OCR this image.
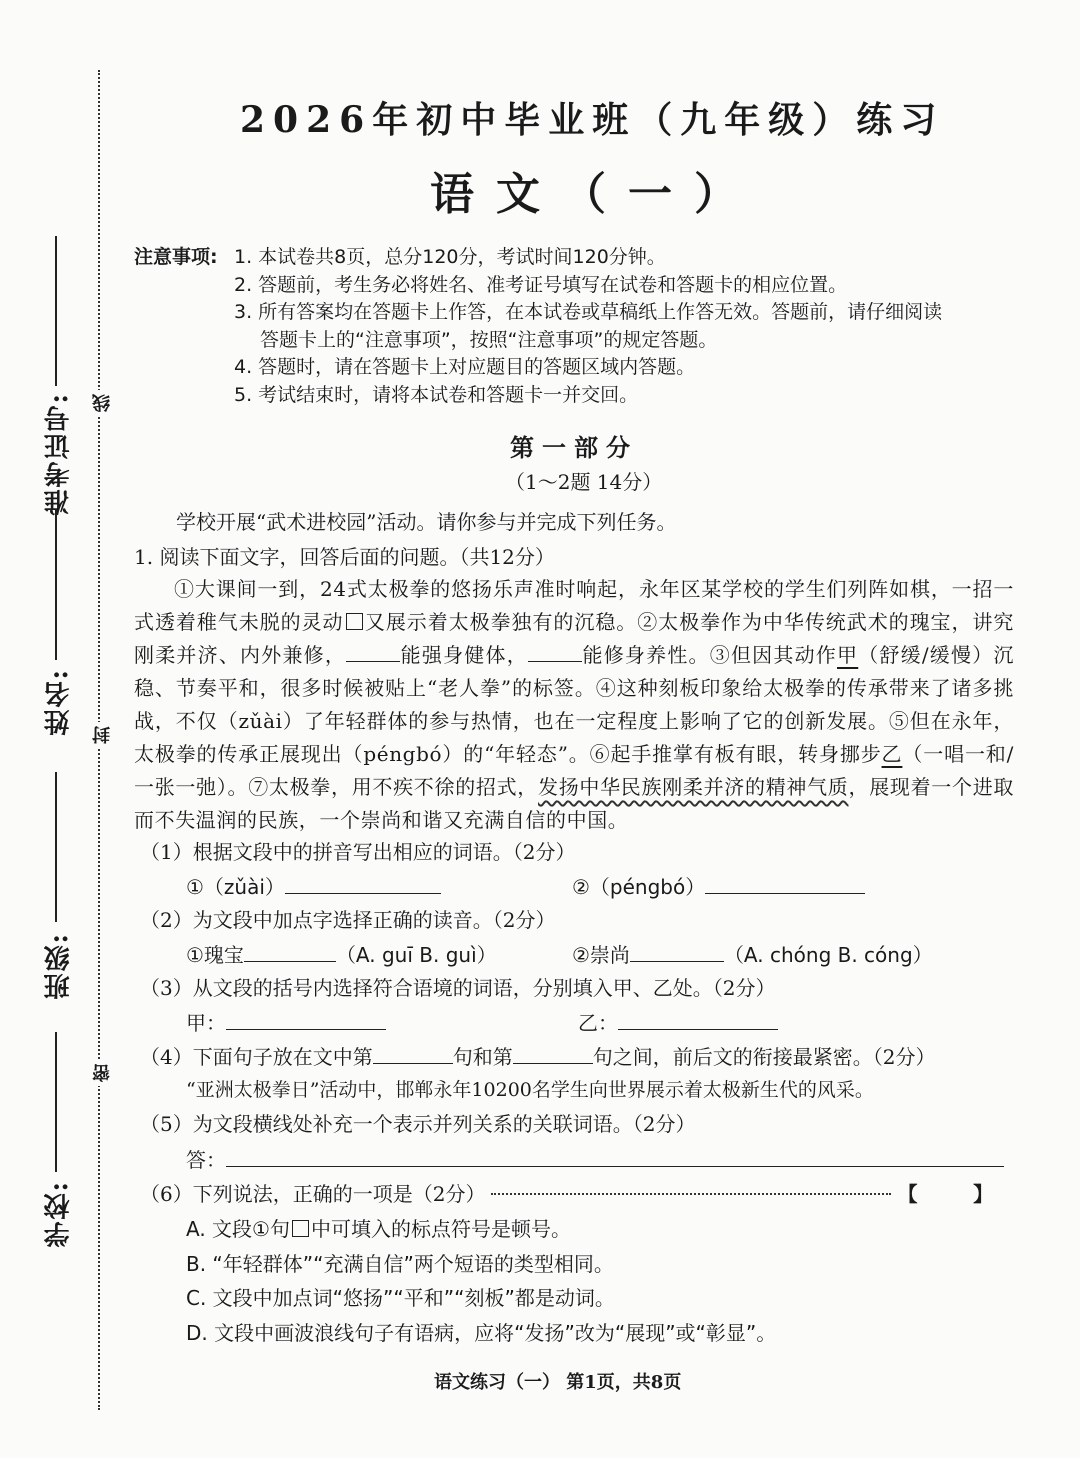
准考证号:
姓名:
班级:
学校:
线
封
密
2026年初中毕业班（九年级）练习
语文（一）
注意事项: 1. 本试卷共8页，总分120分，考试时间120分钟。
2. 答题前，考生务必将姓名、准考证号填写在试卷和答题卡的相应位置。
3. 所有答案均在答题卡上作答，在本试卷或草稿纸上作答无效。答题前，请仔细阅读
答题卡上的“注意事项”，按照“注意事项”的规定答题。
4. 答题时，请在答题卡上对应题目的答题区域内答题。
5. 考试结束时，请将本试卷和答题卡一并交回。
第一部分
（1～2题 14分）
学校开展“武术进校园”活动。请你参与并完成下列任务。
1. 阅读下面文字，回答后面的问题。（共12分）
①大课间一到，24式太极拳的悠扬乐声准时响起，永年区某学校的学生们列阵如棋，一招一式透着稚气未脱的灵动 又展示着太极拳独有的沉稳。②太极拳作为中华传统武术的瑰宝，讲究刚柔并济、内外兼修，	能强身健体，	能修身养性。③但因其动作甲（舒缓/缓慢）沉稳、节奏平和，很多时候被贴上“老人拳”的标签。④这种刻板印象给太极拳的传承带来了诸多挑战，不仅（zǔài）了年轻群体的参与热情，也在一定程度上影响了它的创新发展。⑤但在永年，太极拳的传承正展现出（péngbó）的“年轻态”。⑥起手推掌有板有眼，转身挪步乙（一唱一和/一张一弛）。⑦太极拳，用不疾不徐的招式，发扬中华民族刚柔并济的精神气质，展现着一个进取而不失温润的民族，一个崇尚和谐又充满自信的中国。
（1）根据文段中的拼音写出相应的词语。（2分）
①（zǔài）	②（péngbó）
（2）为文段中加点字选择正确的读音。（2分）
①瑰宝	（A. guī B. guì）	②崇尚	（A. chóng B. cóng）
（3）从文段的括号内选择符合语境的词语，分别填入甲、乙处。（2分）
甲：	乙：
（4）下面句子放在文中第	句和第	句之间，前后文的衔接最紧密。（2分）
“亚洲太极拳日”活动中，邯郸永年10200名学生向世界展示着太极新生代的风采。
（5）为文段横线处补充一个表示并列关系的关联词语。（2分）
答：
（6）下列说法，正确的一项是（2分）	【        】
A. 文段①句 中可填入的标点符号是顿号。
B. “年轻群体”“充满自信”两个短语的类型相同。
C. 文段中加点词“悠扬”“平和”“刻板”都是动词。
D. 文段中画波浪线句子有语病，应将“发扬”改为“展现”或“彰显”。
语文练习（一） 第1页，共8页
